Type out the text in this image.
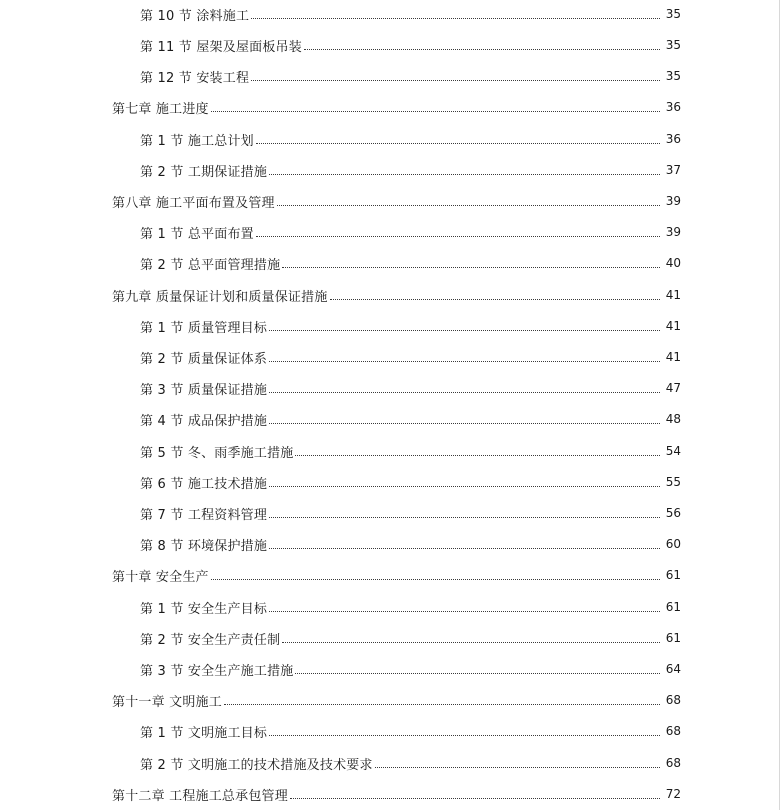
第 10 节 涂料施工	35
第 11 节 屋架及屋面板吊装	35
第 12 节 安装工程	35
第七章 施工进度	36
第 1 节 施工总计划	36
第 2 节 工期保证措施	37
第八章 施工平面布置及管理	39
第 1 节 总平面布置	39
第 2 节 总平面管理措施	40
第九章 质量保证计划和质量保证措施	41
第 1 节 质量管理目标	41
第 2 节 质量保证体系	41
第 3 节 质量保证措施	47
第 4 节 成品保护措施	48
第 5 节 冬、雨季施工措施	54
第 6 节 施工技术措施	55
第 7 节 工程资料管理	56
第 8 节 环境保护措施	60
第十章 安全生产	61
第 1 节 安全生产目标	61
第 2 节 安全生产责任制	61
第 3 节 安全生产施工措施	64
第十一章 文明施工	68
第 1 节 文明施工目标	68
第 2 节 文明施工的技术措施及技术要求	68
第十二章 工程施工总承包管理	72
